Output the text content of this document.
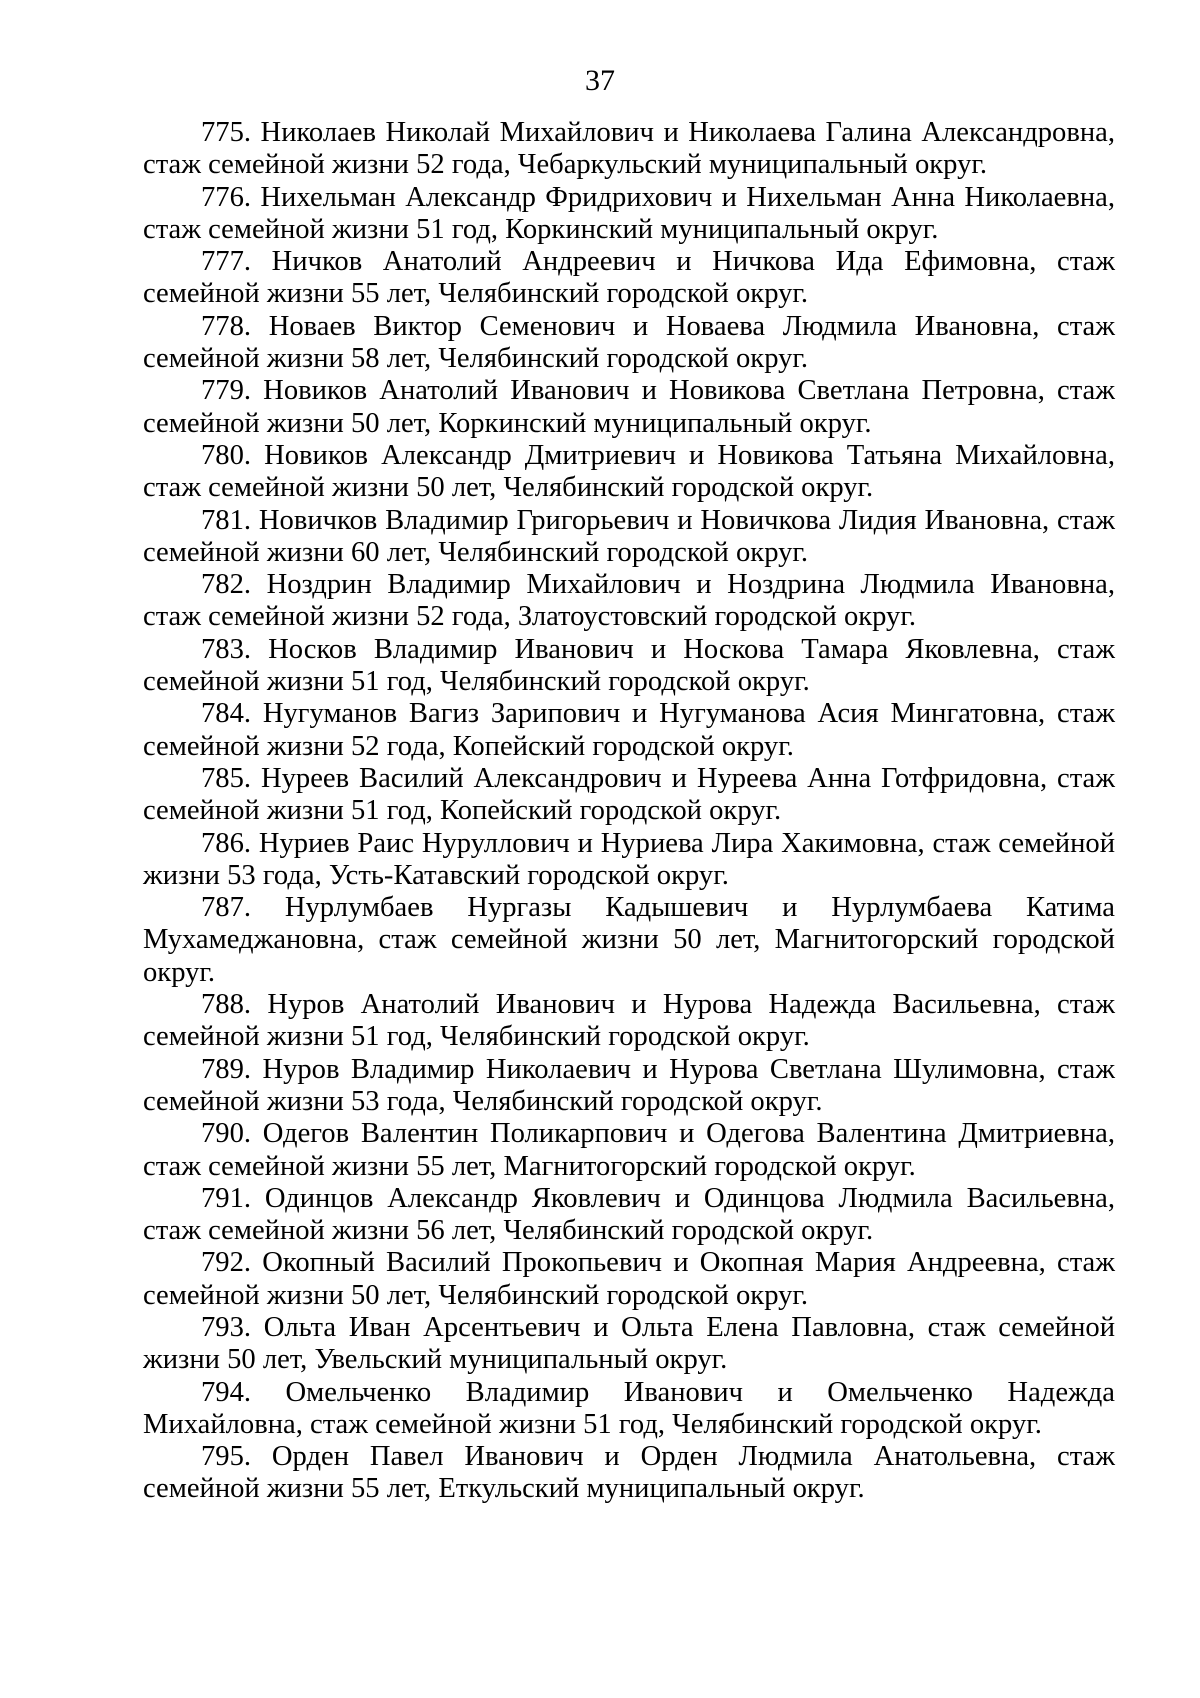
37

775. Николаев Николай Михайлович и Николаева Галина Александровна, стаж семейной жизни 52 года, Чебаркульский муниципальный округ.

776. Нихельман Александр Фридрихович и Нихельман Анна Николаевна, стаж семейной жизни 51 год, Коркинский муниципальный округ.

777. Ничков Анатолий Андреевич и Ничкова Ида Ефимовна, стаж семейной жизни 55 лет, Челябинский городской округ.

778. Новаев Виктор Семенович и Новаева Людмила Ивановна, стаж семейной жизни 58 лет, Челябинский городской округ.

779. Новиков Анатолий Иванович и Новикова Светлана Петровна, стаж семейной жизни 50 лет, Коркинский муниципальный округ.

780. Новиков Александр Дмитриевич и Новикова Татьяна Михайловна, стаж семейной жизни 50 лет, Челябинский городской округ.

781. Новичков Владимир Григорьевич и Новичкова Лидия Ивановна, стаж семейной жизни 60 лет, Челябинский городской округ.

782. Ноздрин Владимир Михайлович и Ноздрина Людмила Ивановна, стаж семейной жизни 52 года, Златоустовский городской округ.

783. Носков Владимир Иванович и Носкова Тамара Яковлевна, стаж семейной жизни 51 год, Челябинский городской округ.

784. Нугуманов Вагиз Зарипович и Нугуманова Асия Мингатовна, стаж семейной жизни 52 года, Копейский городской округ.

785. Нуреев Василий Александрович и Нуреева Анна Готфридовна, стаж семейной жизни 51 год, Копейский городской округ.

786. Нуриев Раис Нуруллович и Нуриева Лира Хакимовна, стаж семейной жизни 53 года, Усть-Катавский городской округ.

787. Нурлумбаев Нургазы Кадышевич и Нурлумбаева Катима Мухамеджановна, стаж семейной жизни 50 лет, Магнитогорский городской округ.

788. Нуров Анатолий Иванович и Нурова Надежда Васильевна, стаж семейной жизни 51 год, Челябинский городской округ.

789. Нуров Владимир Николаевич и Нурова Светлана Шулимовна, стаж семейной жизни 53 года, Челябинский городской округ.

790. Одегов Валентин Поликарпович и Одегова Валентина Дмитриевна, стаж семейной жизни 55 лет, Магнитогорский городской округ.

791. Одинцов Александр Яковлевич и Одинцова Людмила Васильевна, стаж семейной жизни 56 лет, Челябинский городской округ.

792. Окопный Василий Прокопьевич и Окопная Мария Андреевна, стаж семейной жизни 50 лет, Челябинский городской округ.

793. Ольта Иван Арсентьевич и Ольта Елена Павловна, стаж семейной жизни 50 лет, Увельский муниципальный округ.

794. Омельченко Владимир Иванович и Омельченко Надежда Михайловна, стаж семейной жизни 51 год, Челябинский городской округ.

795. Орден Павел Иванович и Орден Людмила Анатольевна, стаж семейной жизни 55 лет, Еткульский муниципальный округ.
